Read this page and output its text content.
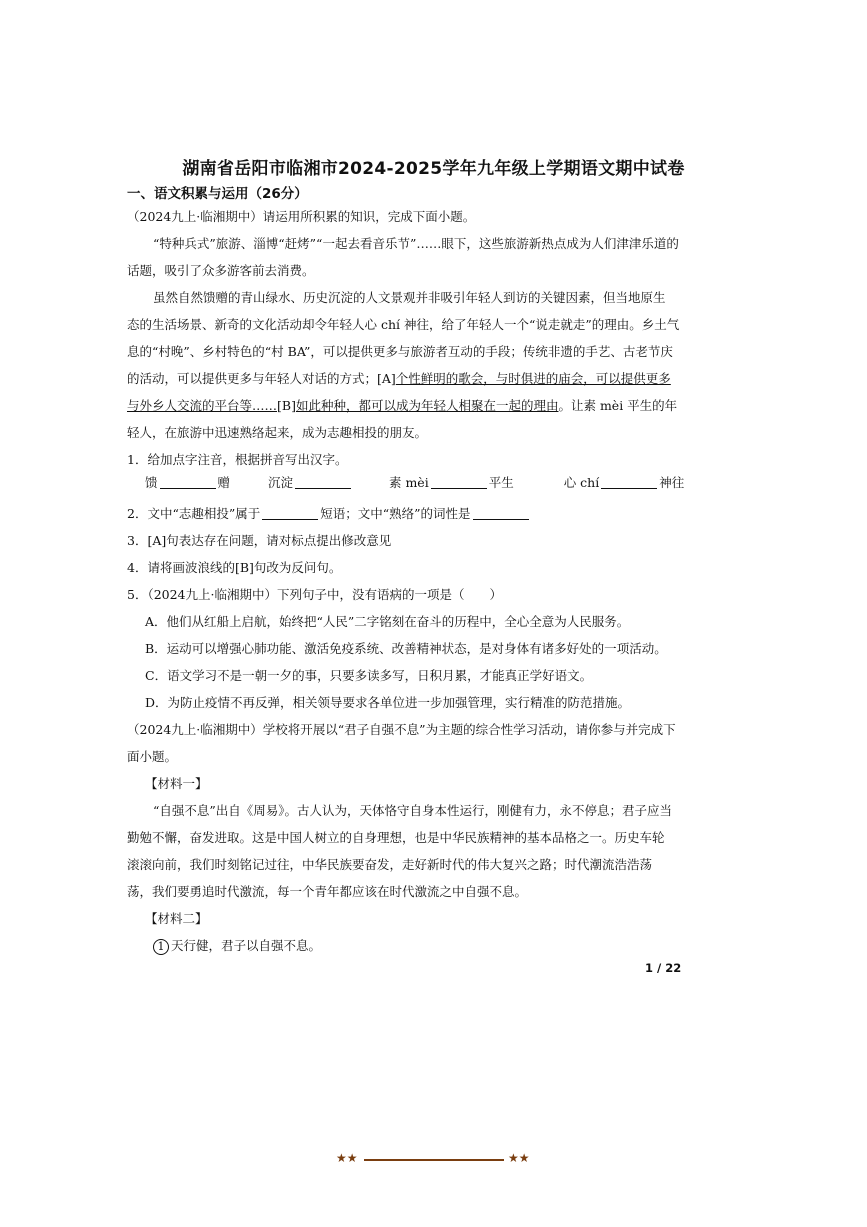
湖南省岳阳市临湘市2024-2025学年九年级上学期语文期中试卷
一、语文积累与运用（26分）
（2024九上·临湘期中）请运用所积累的知识，完成下面小题。
“特种兵式”旅游、淄博“赶烤”“一起去看音乐节”……眼下，这些旅游新热点成为人们津津乐道的
话题，吸引了众多游客前去消费。
虽然自然馈赠的青山绿水、历史沉淀的人文景观并非吸引年轻人到访的关键因素，但当地原生
态的生活场景、新奇的文化活动却令年轻人心 chí 神往，给了年轻人一个“说走就走”的理由。乡土气
息的“村晚”、乡村特色的“村 BA”，可以提供更多与旅游者互动的手段；传统非遗的手艺、古老节庆
的活动，可以提供更多与年轻人对话的方式；[A]个性鲜明的歌会，与时俱进的庙会，可以提供更多
与外乡人交流的平台等……[B]如此种种，都可以成为年轻人相聚在一起的理由。让素 mèi 平生的年
轻人，在旅游中迅速熟络起来，成为志趣相投的朋友。
1．给加点字注音，根据拼音写出汉字。
馈	赠	沉淀	素 mèi	平生	心 chí	神往
2．文中“志趣相投”属于	短语；文中“熟络”的词性是
3．[A]句表达存在问题，请对标点提出修改意见
4．请将画波浪线的[B]句改为反问句。
5．（2024九上·临湘期中）下列句子中，没有语病的一项是（　　）
A．他们从红船上启航，始终把“人民”二字铭刻在奋斗的历程中，全心全意为人民服务。
B．运动可以增强心肺功能、激活免疫系统、改善精神状态，是对身体有诸多好处的一项活动。
C．语文学习不是一朝一夕的事，只要多读多写，日积月累，才能真正学好语文。
D．为防止疫情不再反弹，相关领导要求各单位进一步加强管理，实行精准的防范措施。
（2024九上·临湘期中）学校将开展以“君子自强不息”为主题的综合性学习活动，请你参与并完成下
面小题。
【材料一】
“自强不息”出自《周易》。古人认为，天体恪守自身本性运行，刚健有力，永不停息；君子应当
勤勉不懈，奋发进取。这是中国人树立的自身理想，也是中华民族精神的基本品格之一。历史车轮
滚滚向前，我们时刻铭记过往，中华民族要奋发，走好新时代的伟大复兴之路；时代潮流浩浩荡
荡，我们要勇追时代激流，每一个青年都应该在时代激流之中自强不息。
【材料二】
1 天行健，君子以自强不息。
1 / 22
★★	★★
